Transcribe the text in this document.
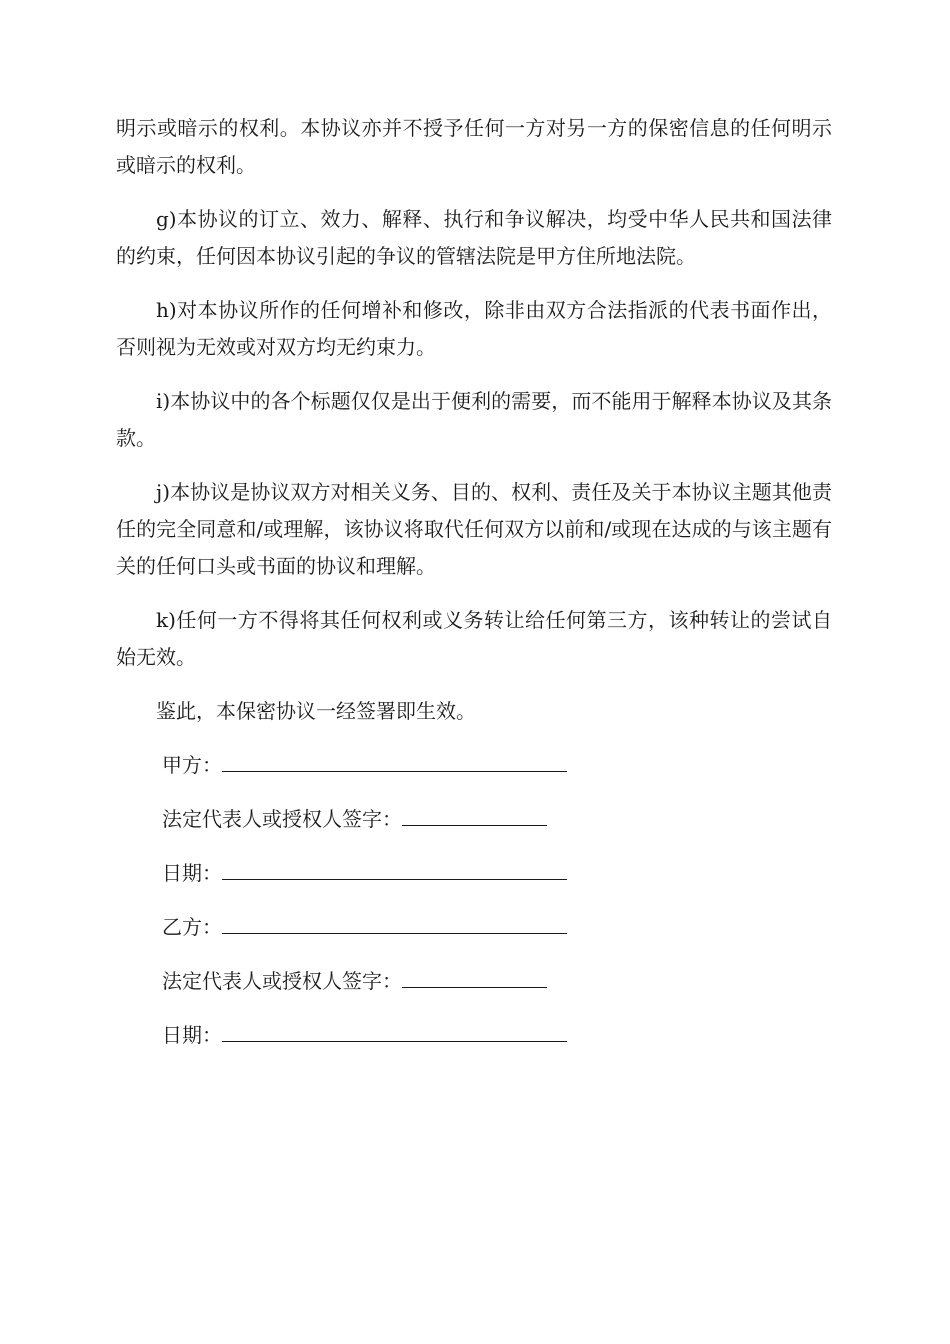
明示或暗示的权利。本协议亦并不授予任何一方对另一方的保密信息的任何明示或暗示的权利。

g)本协议的订立、效力、解释、执行和争议解决，均受中华人民共和国法律的约束，任何因本协议引起的争议的管辖法院是甲方住所地法院。

h)对本协议所作的任何增补和修改，除非由双方合法指派的代表书面作出，否则视为无效或对双方均无约束力。

i)本协议中的各个标题仅仅是出于便利的需要，而不能用于解释本协议及其条款。

j)本协议是协议双方对相关义务、目的、权利、责任及关于本协议主题其他责任的完全同意和/或理解，该协议将取代任何双方以前和/或现在达成的与该主题有关的任何口头或书面的协议和理解。

k)任何一方不得将其任何权利或义务转让给任何第三方，该种转让的尝试自始无效。

鉴此，本保密协议一经签署即生效。

甲方：
法定代表人或授权人签字：
日期：
乙方：
法定代表人或授权人签字：
日期：
